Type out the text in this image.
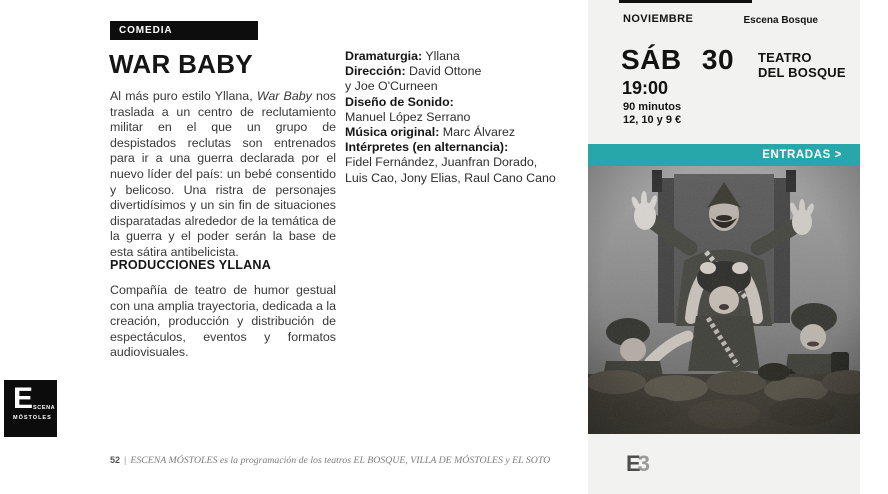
COMEDIA
WAR BABY

Al más puro estilo Yllana, War Baby nos traslada a un centro de reclutamiento militar en el que un grupo de despistados reclutas son entrenados para ir a una guerra declarada por el nuevo líder del país: un bebé consentido y belicoso. Una ristra de personajes divertidísimos y un sin fin de situaciones disparatadas alrededor de la temática de la guerra y el poder serán la base de esta sátira antibelicista.

PRODUCCIONES YLLANA

Compañía de teatro de humor gestual con una amplia trayectoria, dedicada a la creación, producción y distribución de espectáculos, eventos y formatos audiovisuales.

Dramaturgia: Yllana
Dirección: David Ottone
y Joe O'Curneen
Diseño de Sonido:
Manuel López Serrano
Música original: Marc Álvarez
Intérpretes (en alternancia):
Fidel Fernández, Juanfran Dorado,
Luis Cao, Jony Elias, Raul Cano Cano
NOVIEMBRE	Escena Bosque
SÁB 30
19:00
90 minutos
12, 10 y 9 €
TEATRO
DEL BOSQUE
ENTRADAS >
E3
E SCENA
MÓSTOLES
52 | ESCENA MÓSTOLES es la programación de los teatros EL BOSQUE, VILLA DE MÓSTOLES y EL SOTO
